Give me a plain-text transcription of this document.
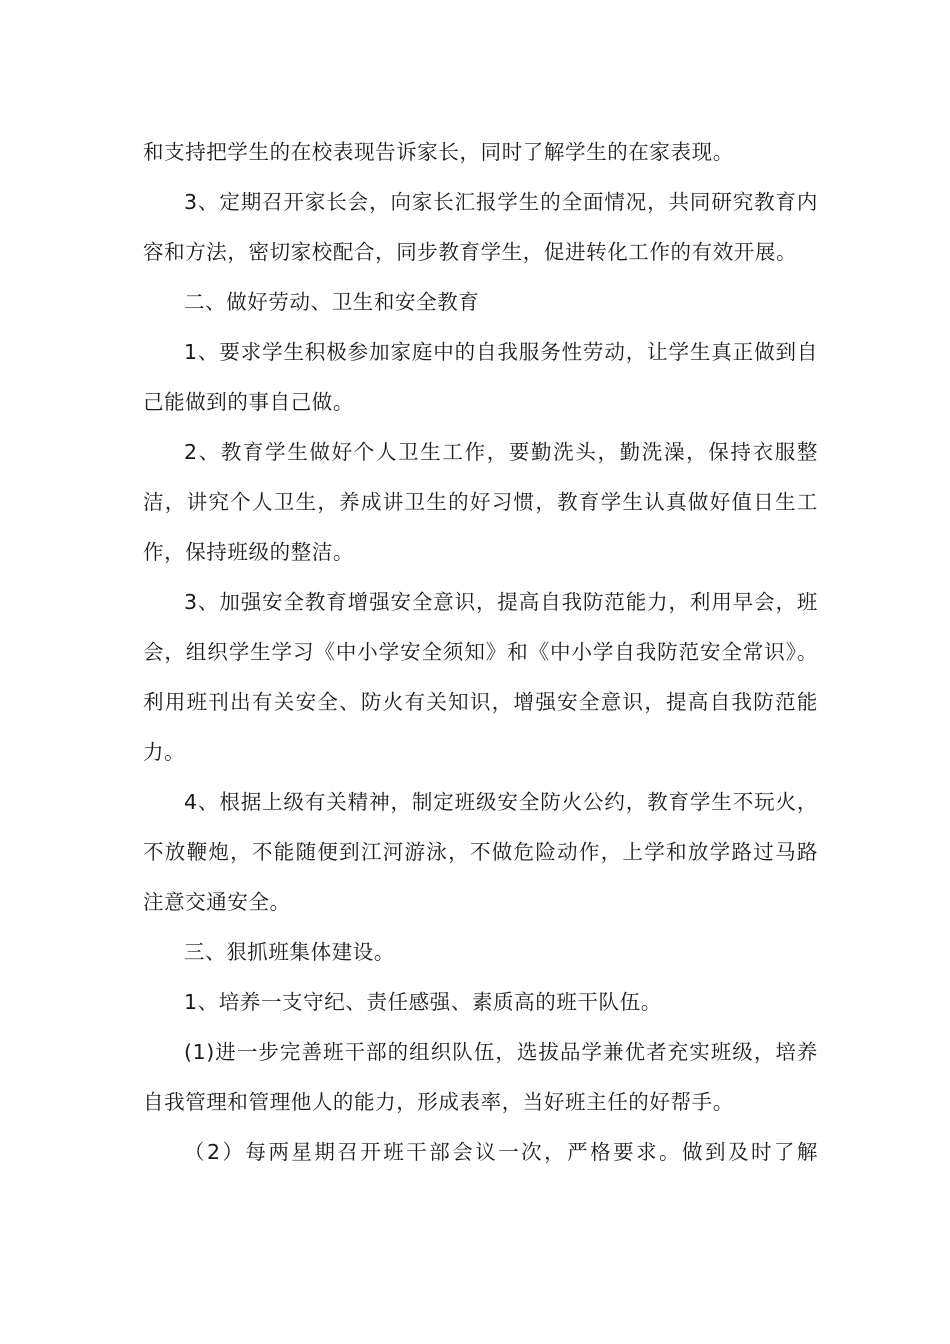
和支持把学生的在校表现告诉家长，同时了解学生的在家表现。

3、定期召开家长会，向家长汇报学生的全面情况，共同研究教育内容和方法，密切家校配合，同步教育学生，促进转化工作的有效开展。

二、做好劳动、卫生和安全教育

1、要求学生积极参加家庭中的自我服务性劳动，让学生真正做到自己能做到的事自己做。

2、教育学生做好个人卫生工作，要勤洗头，勤洗澡，保持衣服整洁，讲究个人卫生，养成讲卫生的好习惯，教育学生认真做好值日生工作，保持班级的整洁。

3、加强安全教育增强安全意识，提高自我防范能力，利用早会，班会，组织学生学习《中小学安全须知》和《中小学自我防范安全常识》。利用班刊出有关安全、防火有关知识，增强安全意识，提高自我防范能力。

4、根据上级有关精神，制定班级安全防火公约，教育学生不玩火，不放鞭炮，不能随便到江河游泳，不做危险动作，上学和放学路过马路注意交通安全。

三、狠抓班集体建设。

1、培养一支守纪、责任感强、素质高的班干队伍。

(1)进一步完善班干部的组织队伍，选拔品学兼优者充实班级，培养自我管理和管理他人的能力，形成表率，当好班主任的好帮手。

（2）每两星期召开班干部会议一次，严格要求。做到及时了解
